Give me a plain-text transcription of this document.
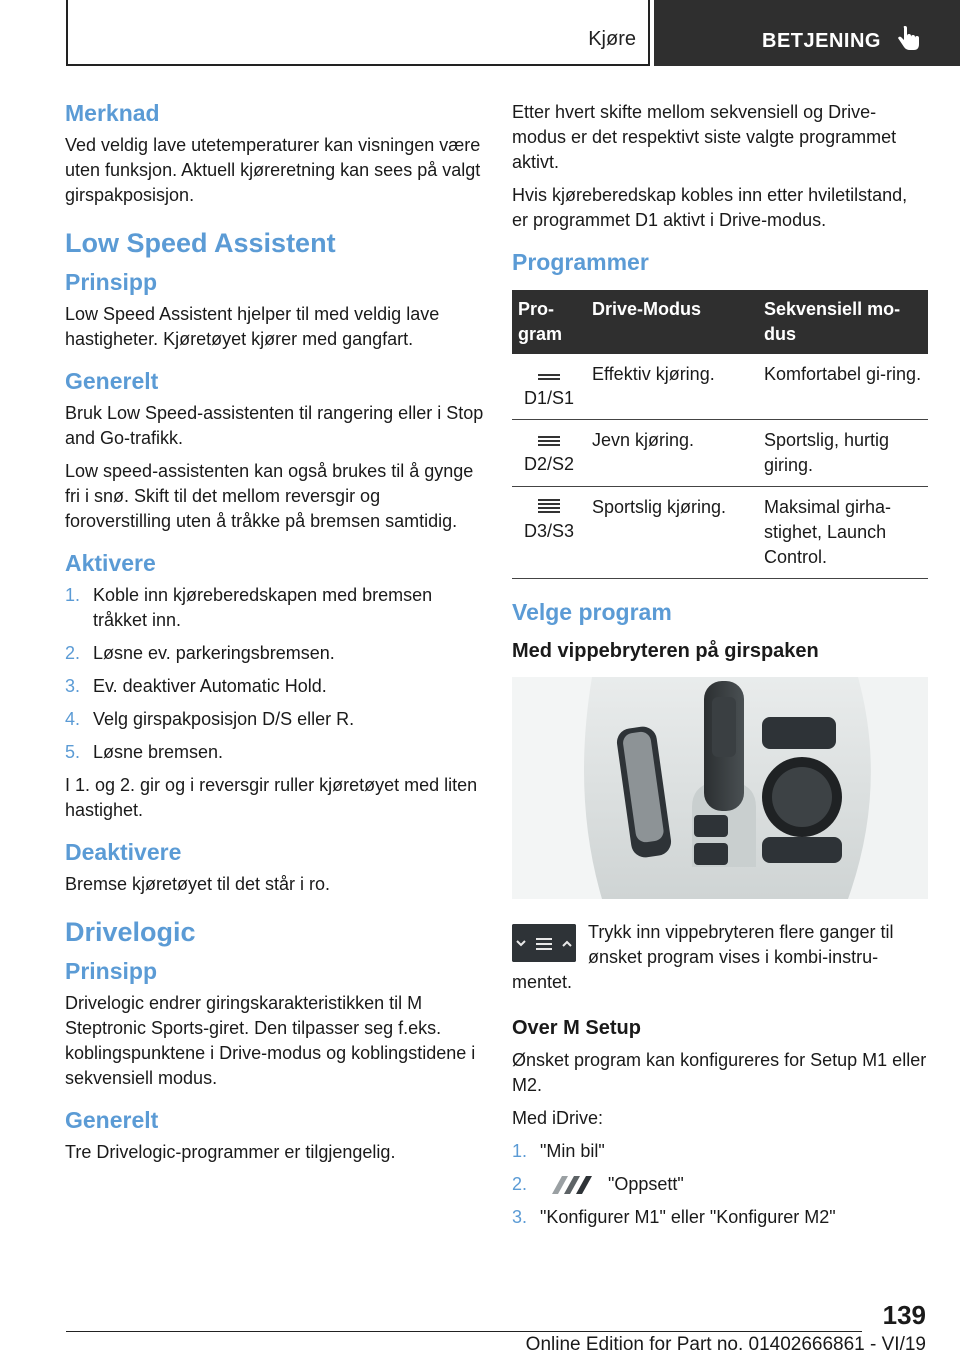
Kjøre	BETJENING
Merknad

Ved veldig lave utetemperaturer kan visningen være uten funksjon. Aktuell kjøreretning kan sees på valgt girspakposisjon.

Low Speed Assistent
Prinsipp

Low Speed Assistent hjelper til med veldig lave hastigheter. Kjøretøyet kjører med gangfart.

Generelt

Bruk Low Speed-assistenten til rangering eller i Stop and Go-trafikk.

Low speed-assistenten kan også brukes til å gynge fri i snø. Skift til det mellom reversgir og foroverstilling uten å tråkke på bremsen samtidig.

Aktivere
1. Koble inn kjøreberedskapen med bremsen tråkket inn.
2. Løsne ev. parkeringsbremsen.
3. Ev. deaktiver Automatic Hold.
4. Velg girspakposisjon D/S eller R.
5. Løsne bremsen.

I 1. og 2. gir og i reversgir ruller kjøretøyet med liten hastighet.

Deaktivere

Bremse kjøretøyet til det står i ro.

Drivelogic
Prinsipp

Drivelogic endrer giringskarakteristikken til M Steptronic Sports-giret. Den tilpasser seg f.eks. koblingspunktene i Drive-modus og koblingstidene i sekvensiell modus.

Generelt

Tre Drivelogic-programmer er tilgjengelig.

Etter hvert skifte mellom sekvensiell og Drive-modus er det respektivt siste valgte programmet aktivt.

Hvis kjøreberedskap kobles inn etter hviletilstand, er programmet D1 aktivt i Drive-modus.

Programmer
Pro-gram	Drive-Modus	Sekvensiell mo-dus

D1/S1	Effektiv kjøring.	Komfortabel gi-ring.

D2/S2	Jevn kjøring.	Sportslig, hurtig giring.

D3/S3	Sportslig kjøring.	Maksimal girha-stighet, Launch Control.
Velge program
Med vippebryteren på girspaken

Trykk inn vippebryteren flere ganger til ønsket program vises i kombi-instrumentet.

Over M Setup

Ønsket program kan konfigureres for Setup M1 eller M2.

Med iDrive:

1. "Min bil"
2.	"Oppsett"
3. "Konfigurer M1" eller "Konfigurer M2"
139
Online Edition for Part no. 01402666861 - VI/19
